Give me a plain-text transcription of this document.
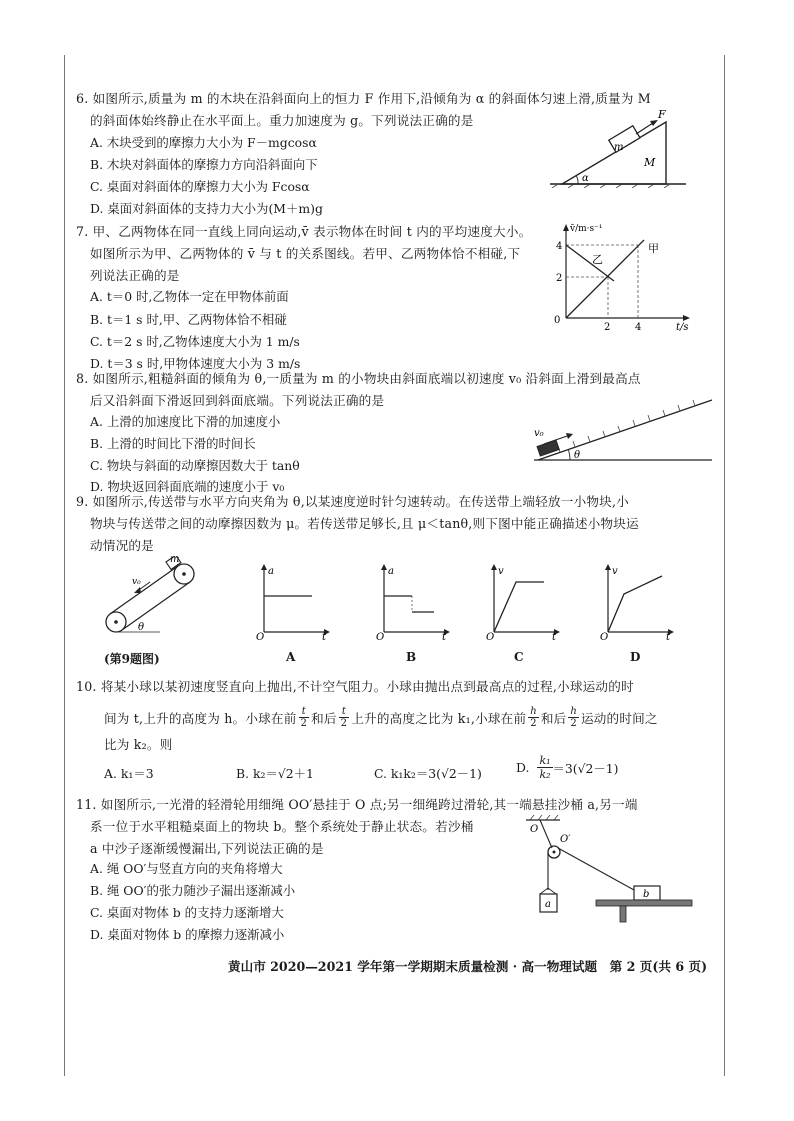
6. 如图所示,质量为 m 的木块在沿斜面向上的恒力 F 作用下,沿倾角为 α 的斜面体匀速上滑,质量为 M
的斜面体始终静止在水平面上。重力加速度为 g。下列说法正确的是
A. 木块受到的摩擦力大小为 F－mgcosα
B. 木块对斜面体的摩擦力方向沿斜面向下
C. 桌面对斜面体的摩擦力大小为 Fcosα
D. 桌面对斜面体的支持力大小为(M＋m)g
F
m
M
α
7. 甲、乙两物体在同一直线上同向运动,v̄ 表示物体在时间 t 内的平均速度大小。
如图所示为甲、乙两物体的 v̄ 与 t 的关系图线。若甲、乙两物体恰不相碰,下
列说法正确的是
A. t＝0 时,乙物体一定在甲物体前面
B. t＝1 s 时,甲、乙两物体恰不相碰
C. t＝2 s 时,乙物体速度大小为 1 m/s
D. t＝3 s 时,甲物体速度大小为 3 m/s
v̄/m·s⁻¹
t/s
0
4
2
2 4
甲
乙
8. 如图所示,粗糙斜面的倾角为 θ,一质量为 m 的小物块由斜面底端以初速度 v₀ 沿斜面上滑到最高点
后又沿斜面下滑返回到斜面底端。下列说法正确的是
A. 上滑的加速度比下滑的加速度小
B. 上滑的时间比下滑的时间长
C. 物块与斜面的动摩擦因数大于 tanθ
D. 物块返回斜面底端的速度小于 v₀
v₀
θ
9. 如图所示,传送带与水平方向夹角为 θ,以某速度逆时针匀速转动。在传送带上端轻放一小物块,小
物块与传送带之间的动摩擦因数为 μ。若传送带足够长,且 μ＜tanθ,则下图中能正确描述小物块运
动情况的是
m
v₀
θ
(第9题图)
a
t
O
A
a
t
O
B
v
t
O
C
v
t
O
D
10. 将某小球以某初速度竖直向上抛出,不计空气阻力。小球由抛出点到最高点的过程,小球运动的时
间为 t,上升的高度为 h。小球在前 $\frac{t}{2}$ 和后 $\frac{t}{2}$ 上升的高度之比为 k₁,小球在前 $\frac{h}{2}$ 和后 $\frac{h}{2}$ 运动的时间之
比为 k₂。则
A. k₁＝3	B. k₂＝√2＋1	C. k₁k₂＝3(√2－1)	D. $\frac{\text{k₁}}{\text{k₂}} =3(√2-1)$
11. 如图所示,一光滑的轻滑轮用细绳 OO′悬挂于 O 点;另一细绳跨过滑轮,其一端悬挂沙桶 a,另一端
系一位于水平粗糙桌面上的物块 b。整个系统处于静止状态。若沙桶
a 中沙子逐渐缓慢漏出,下列说法正确的是
A. 绳 OO′与竖直方向的夹角将增大
B. 绳 OO′的张力随沙子漏出逐渐减小
C. 桌面对物体 b 的支持力逐渐增大
D. 桌面对物体 b 的摩擦力逐渐减小
O
O′
a
b
黄山市 2020—2021 学年第一学期期末质量检测 · 高一物理试题　第 2 页(共 6 页)
